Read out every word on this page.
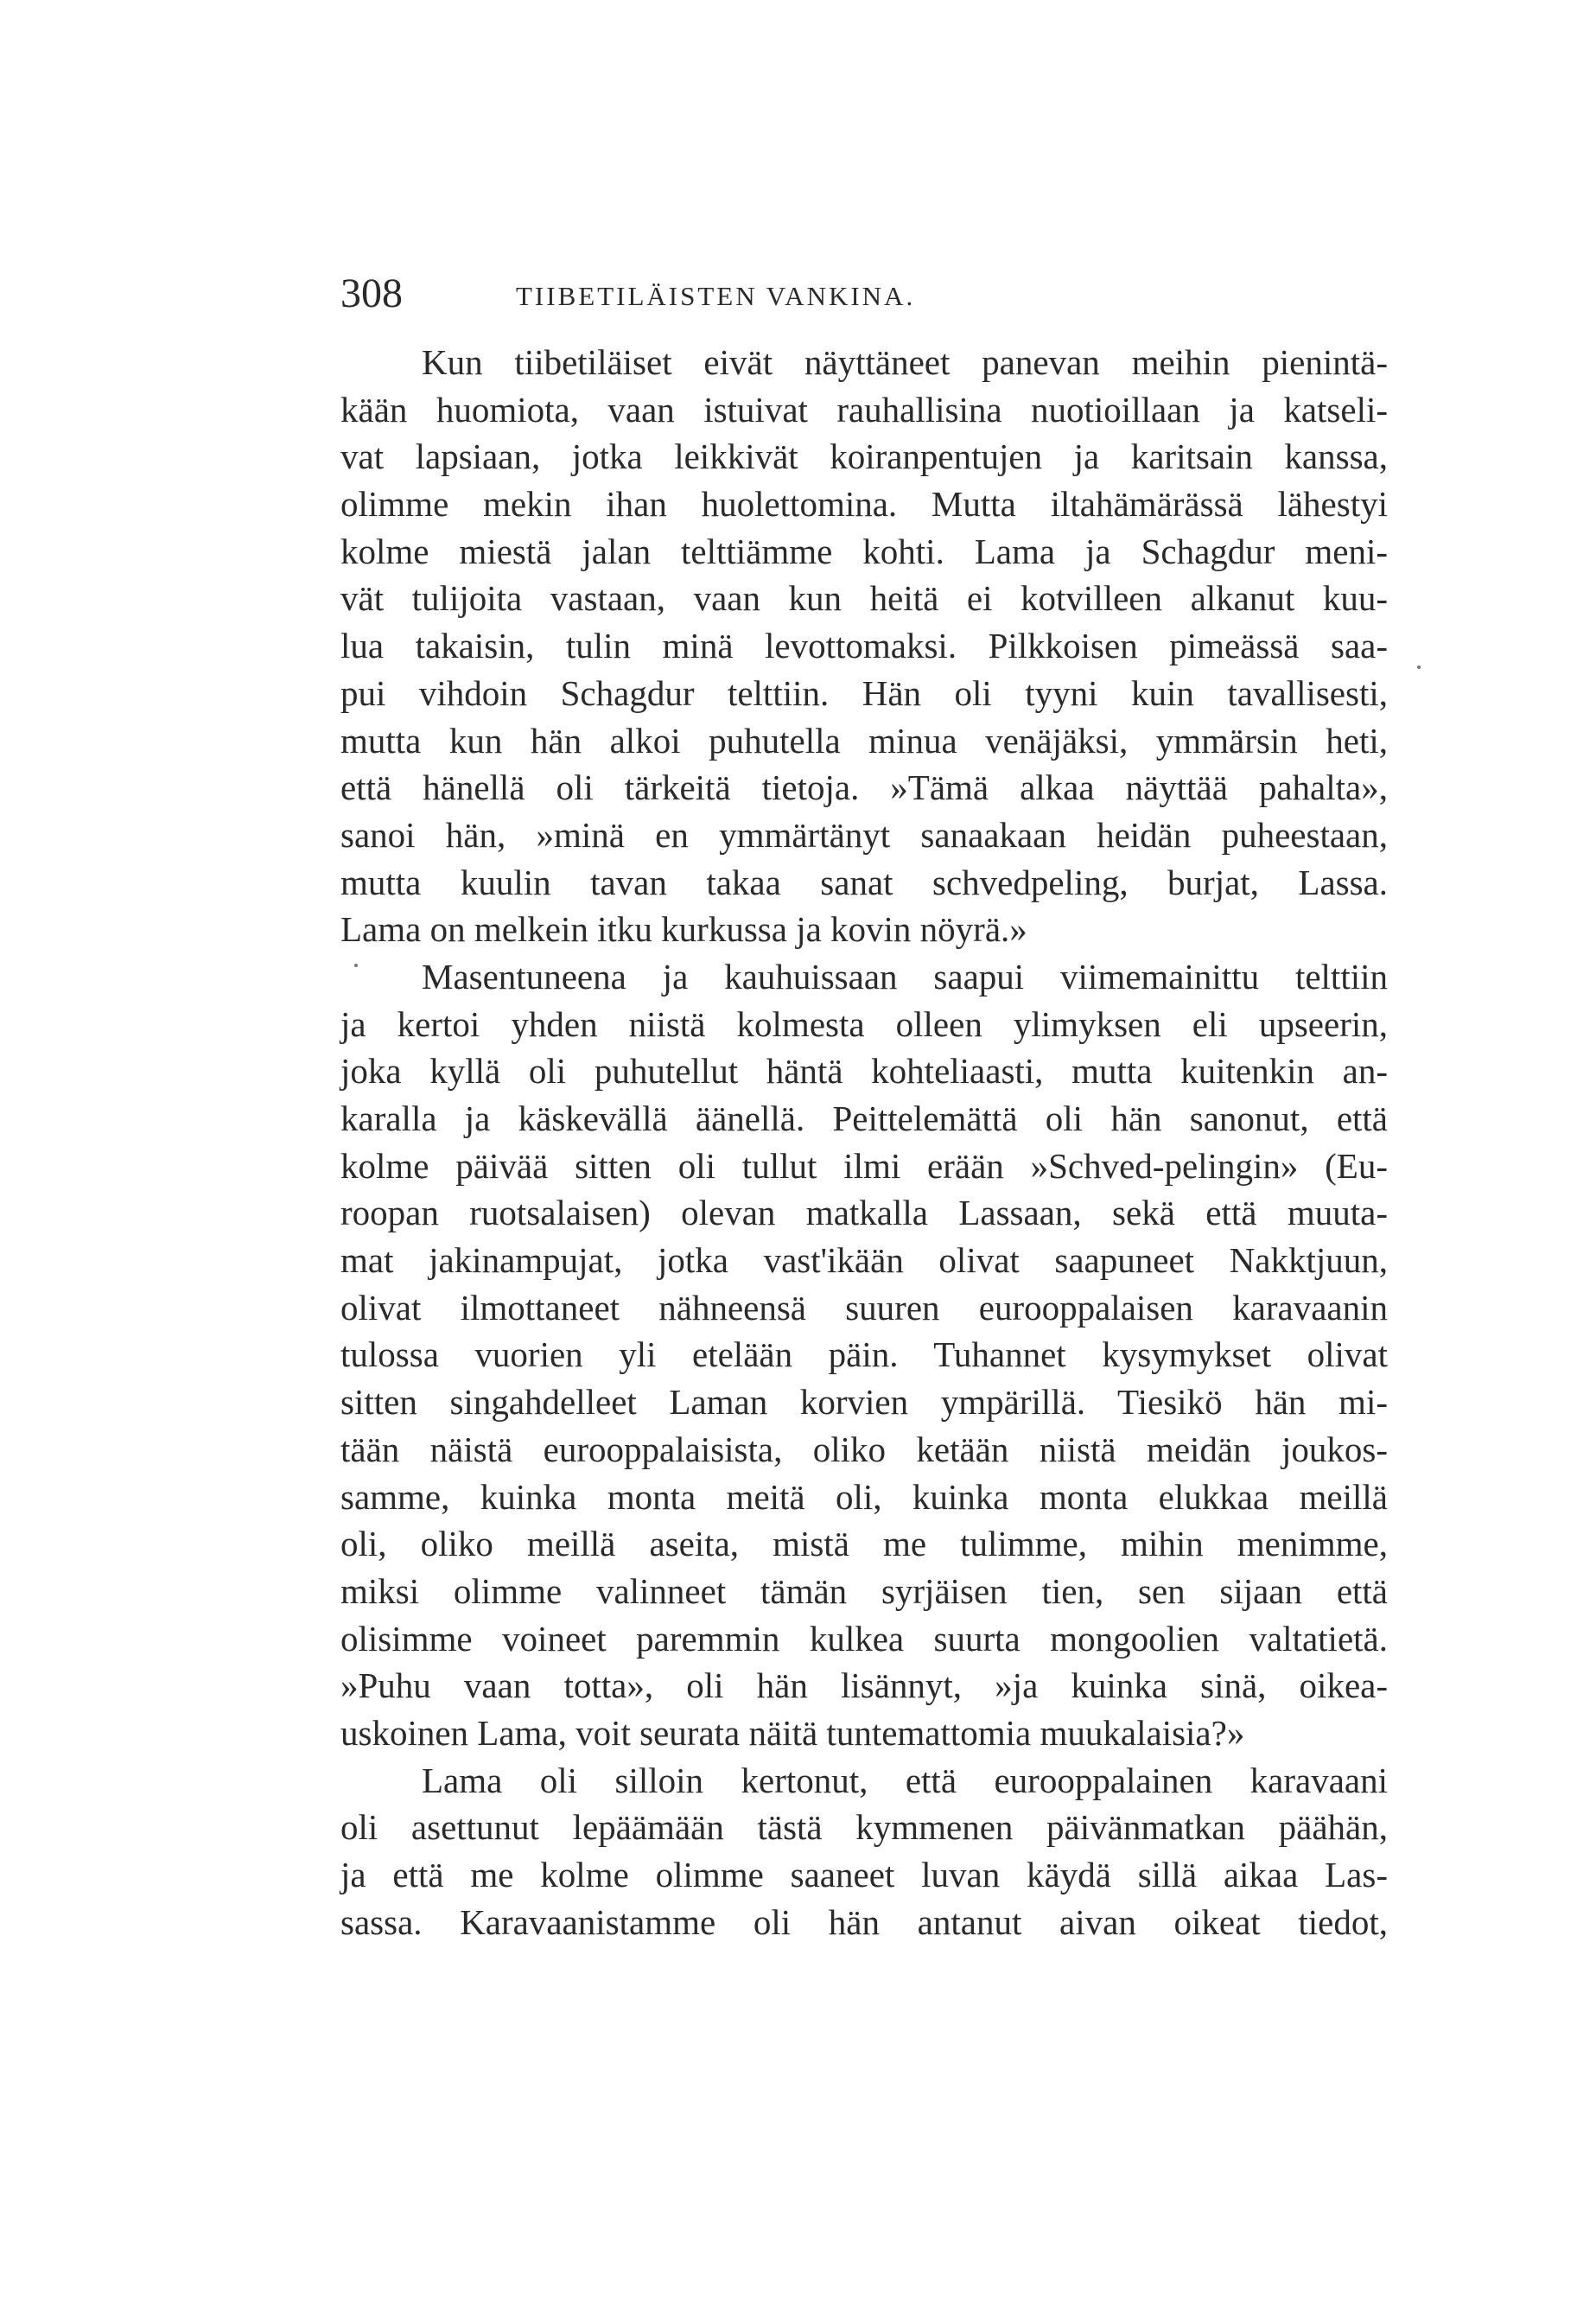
308	TIIBETILÄISTEN VANKINA.
Kun tiibetiläiset eivät näyttäneet panevan meihin pienintä-
kään huomiota, vaan istuivat rauhallisina nuotioillaan ja katseli-
vat lapsiaan, jotka leikkivät koiranpentujen ja karitsain kanssa,
olimme mekin ihan huolettomina. Mutta iltahämärässä lähestyi
kolme miestä jalan telttiämme kohti. Lama ja Schagdur meni-
vät tulijoita vastaan, vaan kun heitä ei kotvilleen alkanut kuu-
lua takaisin, tulin minä levottomaksi. Pilkkoisen pimeässä saa-
pui vihdoin Schagdur telttiin. Hän oli tyyni kuin tavallisesti,
mutta kun hän alkoi puhutella minua venäjäksi, ymmärsin heti,
että hänellä oli tärkeitä tietoja. »Tämä alkaa näyttää pahalta»,
sanoi hän, »minä en ymmärtänyt sanaakaan heidän puheestaan,
mutta kuulin tavan takaa sanat schvedpeling, burjat, Lassa.
Lama on melkein itku kurkussa ja kovin nöyrä.»
Masentuneena ja kauhuissaan saapui viimemainittu telttiin
ja kertoi yhden niistä kolmesta olleen ylimyksen eli upseerin,
joka kyllä oli puhutellut häntä kohteliaasti, mutta kuitenkin an-
karalla ja käskevällä äänellä. Peittelemättä oli hän sanonut, että
kolme päivää sitten oli tullut ilmi erään »Schved-pelingin» (Eu-
roopan ruotsalaisen) olevan matkalla Lassaan, sekä että muuta-
mat jakinampujat, jotka vast'ikään olivat saapuneet Nakktjuun,
olivat ilmottaneet nähneensä suuren eurooppalaisen karavaanin
tulossa vuorien yli etelään päin. Tuhannet kysymykset olivat
sitten singahdelleet Laman korvien ympärillä. Tiesikö hän mi-
tään näistä eurooppalaisista, oliko ketään niistä meidän joukos-
samme, kuinka monta meitä oli, kuinka monta elukkaa meillä
oli, oliko meillä aseita, mistä me tulimme, mihin menimme,
miksi olimme valinneet tämän syrjäisen tien, sen sijaan että
olisimme voineet paremmin kulkea suurta mongoolien valtatietä.
»Puhu vaan totta», oli hän lisännyt, »ja kuinka sinä, oikea-
uskoinen Lama, voit seurata näitä tuntemattomia muukalaisia?»
Lama oli silloin kertonut, että eurooppalainen karavaani
oli asettunut lepäämään tästä kymmenen päivänmatkan päähän,
ja että me kolme olimme saaneet luvan käydä sillä aikaa Las-
sassa. Karavaanistamme oli hän antanut aivan oikeat tiedot,
